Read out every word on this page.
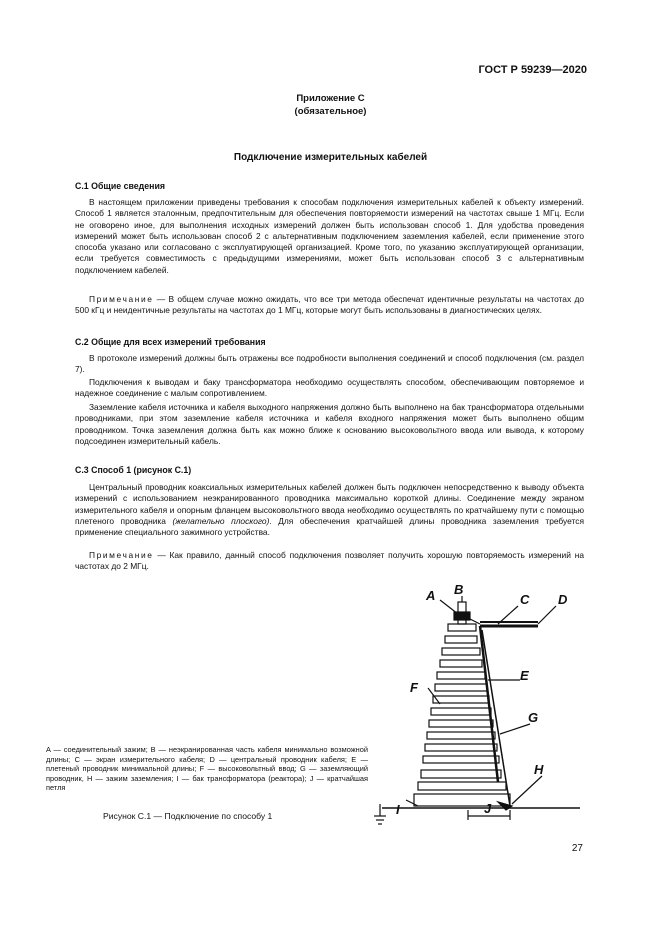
ГОСТ Р 59239—2020
Приложение С
(обязательное)
Подключение измерительных кабелей
С.1 Общие сведения

В настоящем приложении приведены требования к способам подключения измерительных кабелей к объекту измерений. Способ 1 является эталонным, предпочтительным для обеспечения повторяемости измерений на частотах свыше 1 МГц. Если не оговорено иное, для выполнения исходных измерений должен быть использован способ 1. Для удобства проведения измерений может быть использован способ 2 с альтернативным подключением заземления кабелей, если применение этого способа указано или согласовано с эксплуатирующей организацией. Кроме того, по указанию эксплуатирующей организации, если требуется совместимость с предыдущими измерениями, может быть использован способ 3 с альтернативным подключением кабелей.

Примечание — В общем случае можно ожидать, что все три метода обеспечат идентичные результаты на частотах до 500 кГц и неидентичные результаты на частотах до 1 МГц, которые могут быть использованы в диагностических целях.

С.2 Общие для всех измерений требования

В протоколе измерений должны быть отражены все подробности выполнения соединений и способ подключения (см. раздел 7).

Подключения к выводам и баку трансформатора необходимо осуществлять способом, обеспечивающим повторяемое и надежное соединение с малым сопротивлением.

Заземление кабеля источника и кабеля выходного напряжения должно быть выполнено на бак трансформатора отдельными проводниками, при этом заземление кабеля источника и кабеля входного напряжения может быть выполнено общим проводником. Точка заземления должна быть как можно ближе к основанию высоковольтного ввода или вывода, к которому подсоединен измерительный кабель.

С.3 Способ 1 (рисунок С.1)

Центральный проводник коаксиальных измерительных кабелей должен быть подключен непосредственно к выводу объекта измерений с использованием неэкранированного проводника максимально короткой длины. Соединение между экраном измерительного кабеля и опорным фланцем высоковольтного ввода необходимо осуществлять по кратчайшему пути с помощью плетеного проводника (желательно плоского). Для обеспечения кратчайшей длины проводника заземления требуется применение специального зажимного устройства.

Примечание — Как правило, данный способ подключения позволяет получить хорошую повторяемость измерений на частотах до 2 МГц.

A B
C D
E
F
G
H
I	J
A — соединительный зажим; B — неэкранированная часть кабеля минимально возможной длины; C — экран измерительного кабеля; D — центральный проводник кабеля; E — плетеный проводник минимальной длины; F — высоковольтный ввод; G — заземляющий проводник, H — зажим заземления; I — бак трансформатора (реактора); J — кратчайшая петля
Рисунок С.1 — Подключение по способу 1
27
